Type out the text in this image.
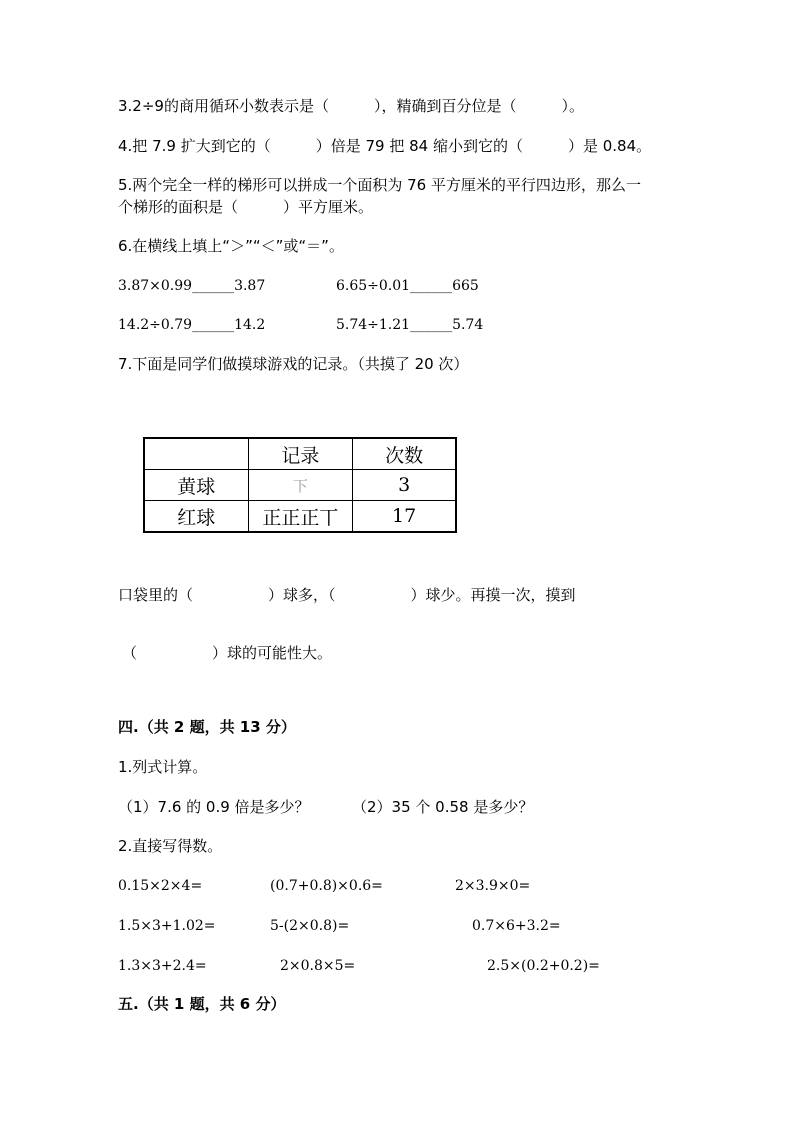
3.2÷9的商用循环小数表示是（　　　），精确到百分位是（　　　）。
4.把 7.9 扩大到它的（　　　）倍是 79 把 84 缩小到它的（　　　）是 0.84。
5.两个完全一样的梯形可以拼成一个面积为 76 平方厘米的平行四边形，那么一
个梯形的面积是（　　　）平方厘米。
6.在横线上填上“＞”“＜”或“＝”。
3.87×0.99______3.87	6.65÷0.01______665
14.2÷0.79______14.2	5.74÷1.21______5.74
7.下面是同学们做摸球游戏的记录。（共摸了 20 次）
	记录	次数
黄球	下	3
红球	正正正丅	17
口袋里的（　　　　　）球多，（　　　　　）球少。再摸一次，摸到
（　　　　　）球的可能性大。
四.（共 2 题，共 13 分）
1.列式计算。
（1）7.6 的 0.9 倍是多少？	（2）35 个 0.58 是多少？
2.直接写得数。
0.15×2×4=	(0.7+0.8)×0.6=	2×3.9×0=
1.5×3+1.02=	5-(2×0.8)=	0.7×6+3.2=
1.3×3+2.4=	2×0.8×5=	2.5×(0.2+0.2)=
五.（共 1 题，共 6 分）
